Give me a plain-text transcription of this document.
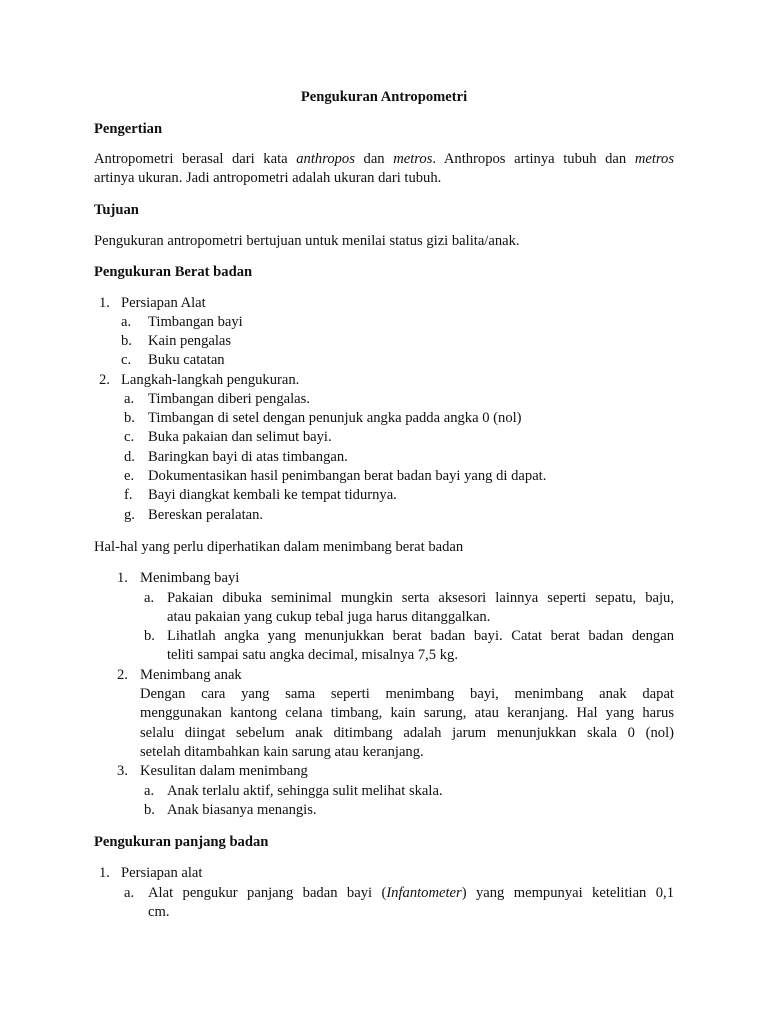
Pengukuran Antropometri
Pengertian
Antropometri berasal dari kata anthropos dan metros. Anthropos artinya tubuh dan metros
artinya ukuran. Jadi antropometri adalah ukuran dari tubuh.
Tujuan
Pengukuran antropometri bertujuan untuk menilai status gizi balita/anak.
Pengukuran Berat badan
1. Persiapan Alat
a. Timbangan bayi
b. Kain pengalas
c. Buku catatan
2. Langkah-langkah pengukuran.
a. Timbangan diberi pengalas.
b. Timbangan di setel dengan penunjuk angka padda angka 0 (nol)
c. Buka pakaian dan selimut bayi.
d. Baringkan bayi di atas timbangan.
e. Dokumentasikan hasil penimbangan berat badan bayi yang di dapat.
f. Bayi diangkat kembali ke tempat tidurnya.
g. Bereskan peralatan.
Hal-hal yang perlu diperhatikan dalam menimbang berat badan
1. Menimbang bayi
a. Pakaian dibuka seminimal mungkin serta aksesori lainnya seperti sepatu, baju,
atau pakaian yang cukup tebal juga harus ditanggalkan.
b. Lihatlah angka yang menunjukkan berat badan bayi. Catat berat badan dengan
teliti sampai satu angka decimal, misalnya 7,5 kg.
2. Menimbang anak
Dengan cara yang sama seperti menimbang bayi, menimbang anak dapat
menggunakan kantong celana timbang, kain sarung, atau keranjang. Hal yang harus
selalu diingat sebelum anak ditimbang adalah jarum menunjukkan skala 0 (nol)
setelah ditambahkan kain sarung atau keranjang.
3. Kesulitan dalam menimbang
a. Anak terlalu aktif, sehingga sulit melihat skala.
b. Anak biasanya menangis.
Pengukuran panjang badan
1. Persiapan alat
a. Alat pengukur panjang badan bayi (Infantometer) yang mempunyai ketelitian 0,1
cm.
